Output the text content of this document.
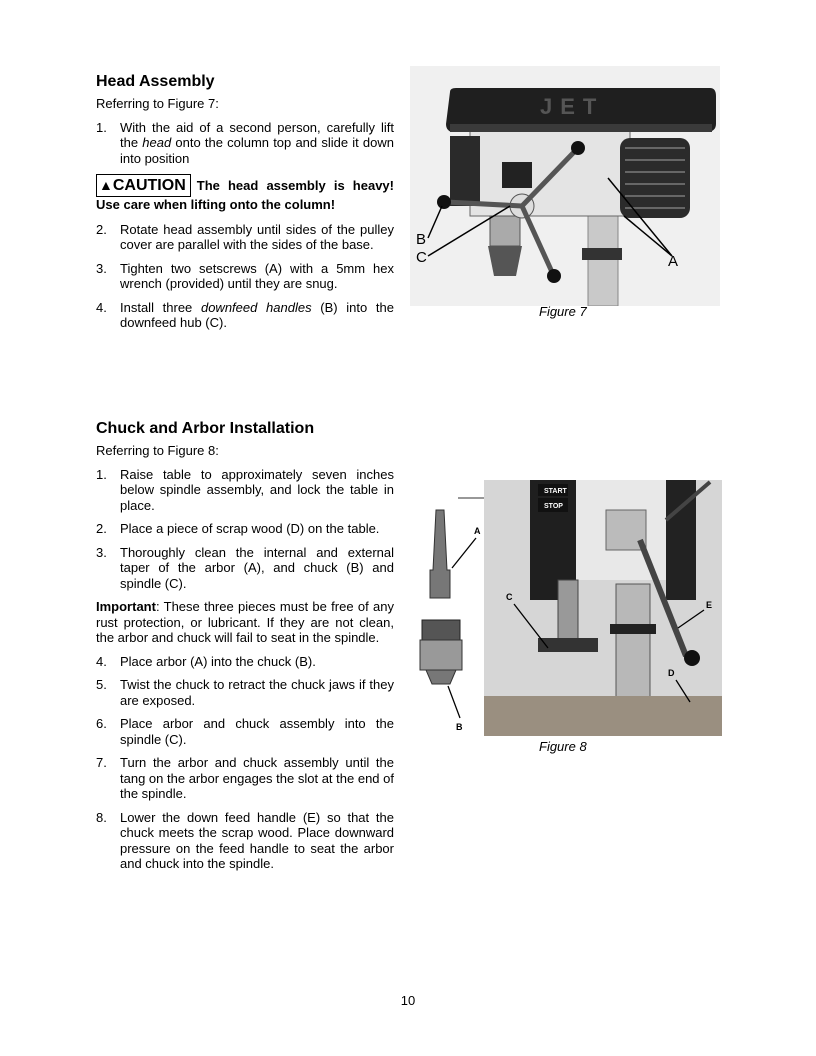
Head Assembly

Referring to Figure 7:

1.	With the aid of a second person, carefully lift the head onto the column top and slide it down into position
▲CAUTION The head assembly is heavy! Use care when lifting onto the column!
2.	Rotate head assembly until sides of the pulley cover are parallel with the sides of the base.
3.	Tighten two setscrews (A) with a 5mm hex wrench (provided) until they are snug.
4.	Install three downfeed handles (B) into the downfeed hub (C).
JET
A
B
C
Figure 7
Chuck and Arbor Installation

Referring to Figure 8:

1.	Raise table to approximately seven inches below spindle assembly, and lock the table in place.
2.	Place a piece of scrap wood (D) on the table.
3.	Thoroughly clean the internal and external taper of the arbor (A), and chuck (B) and spindle (C).

Important: These three pieces must be free of any rust protection, or lubricant. If they are not clean, the arbor and chuck will fail to seat in the spindle.

4.	Place arbor (A) into the chuck (B).
5.	Twist the chuck to retract the chuck jaws if they are exposed.
6.	Place arbor and chuck assembly into the spindle (C).
7.	Turn the arbor and chuck assembly until the tang on the arbor engages the slot at the end of the spindle.
8.	Lower the down feed handle (E) so that the chuck meets the scrap wood. Place downward pressure on the feed handle to seat the arbor and chuck into the spindle.
START
STOP
A
B
C
D
E
Figure 8
10
